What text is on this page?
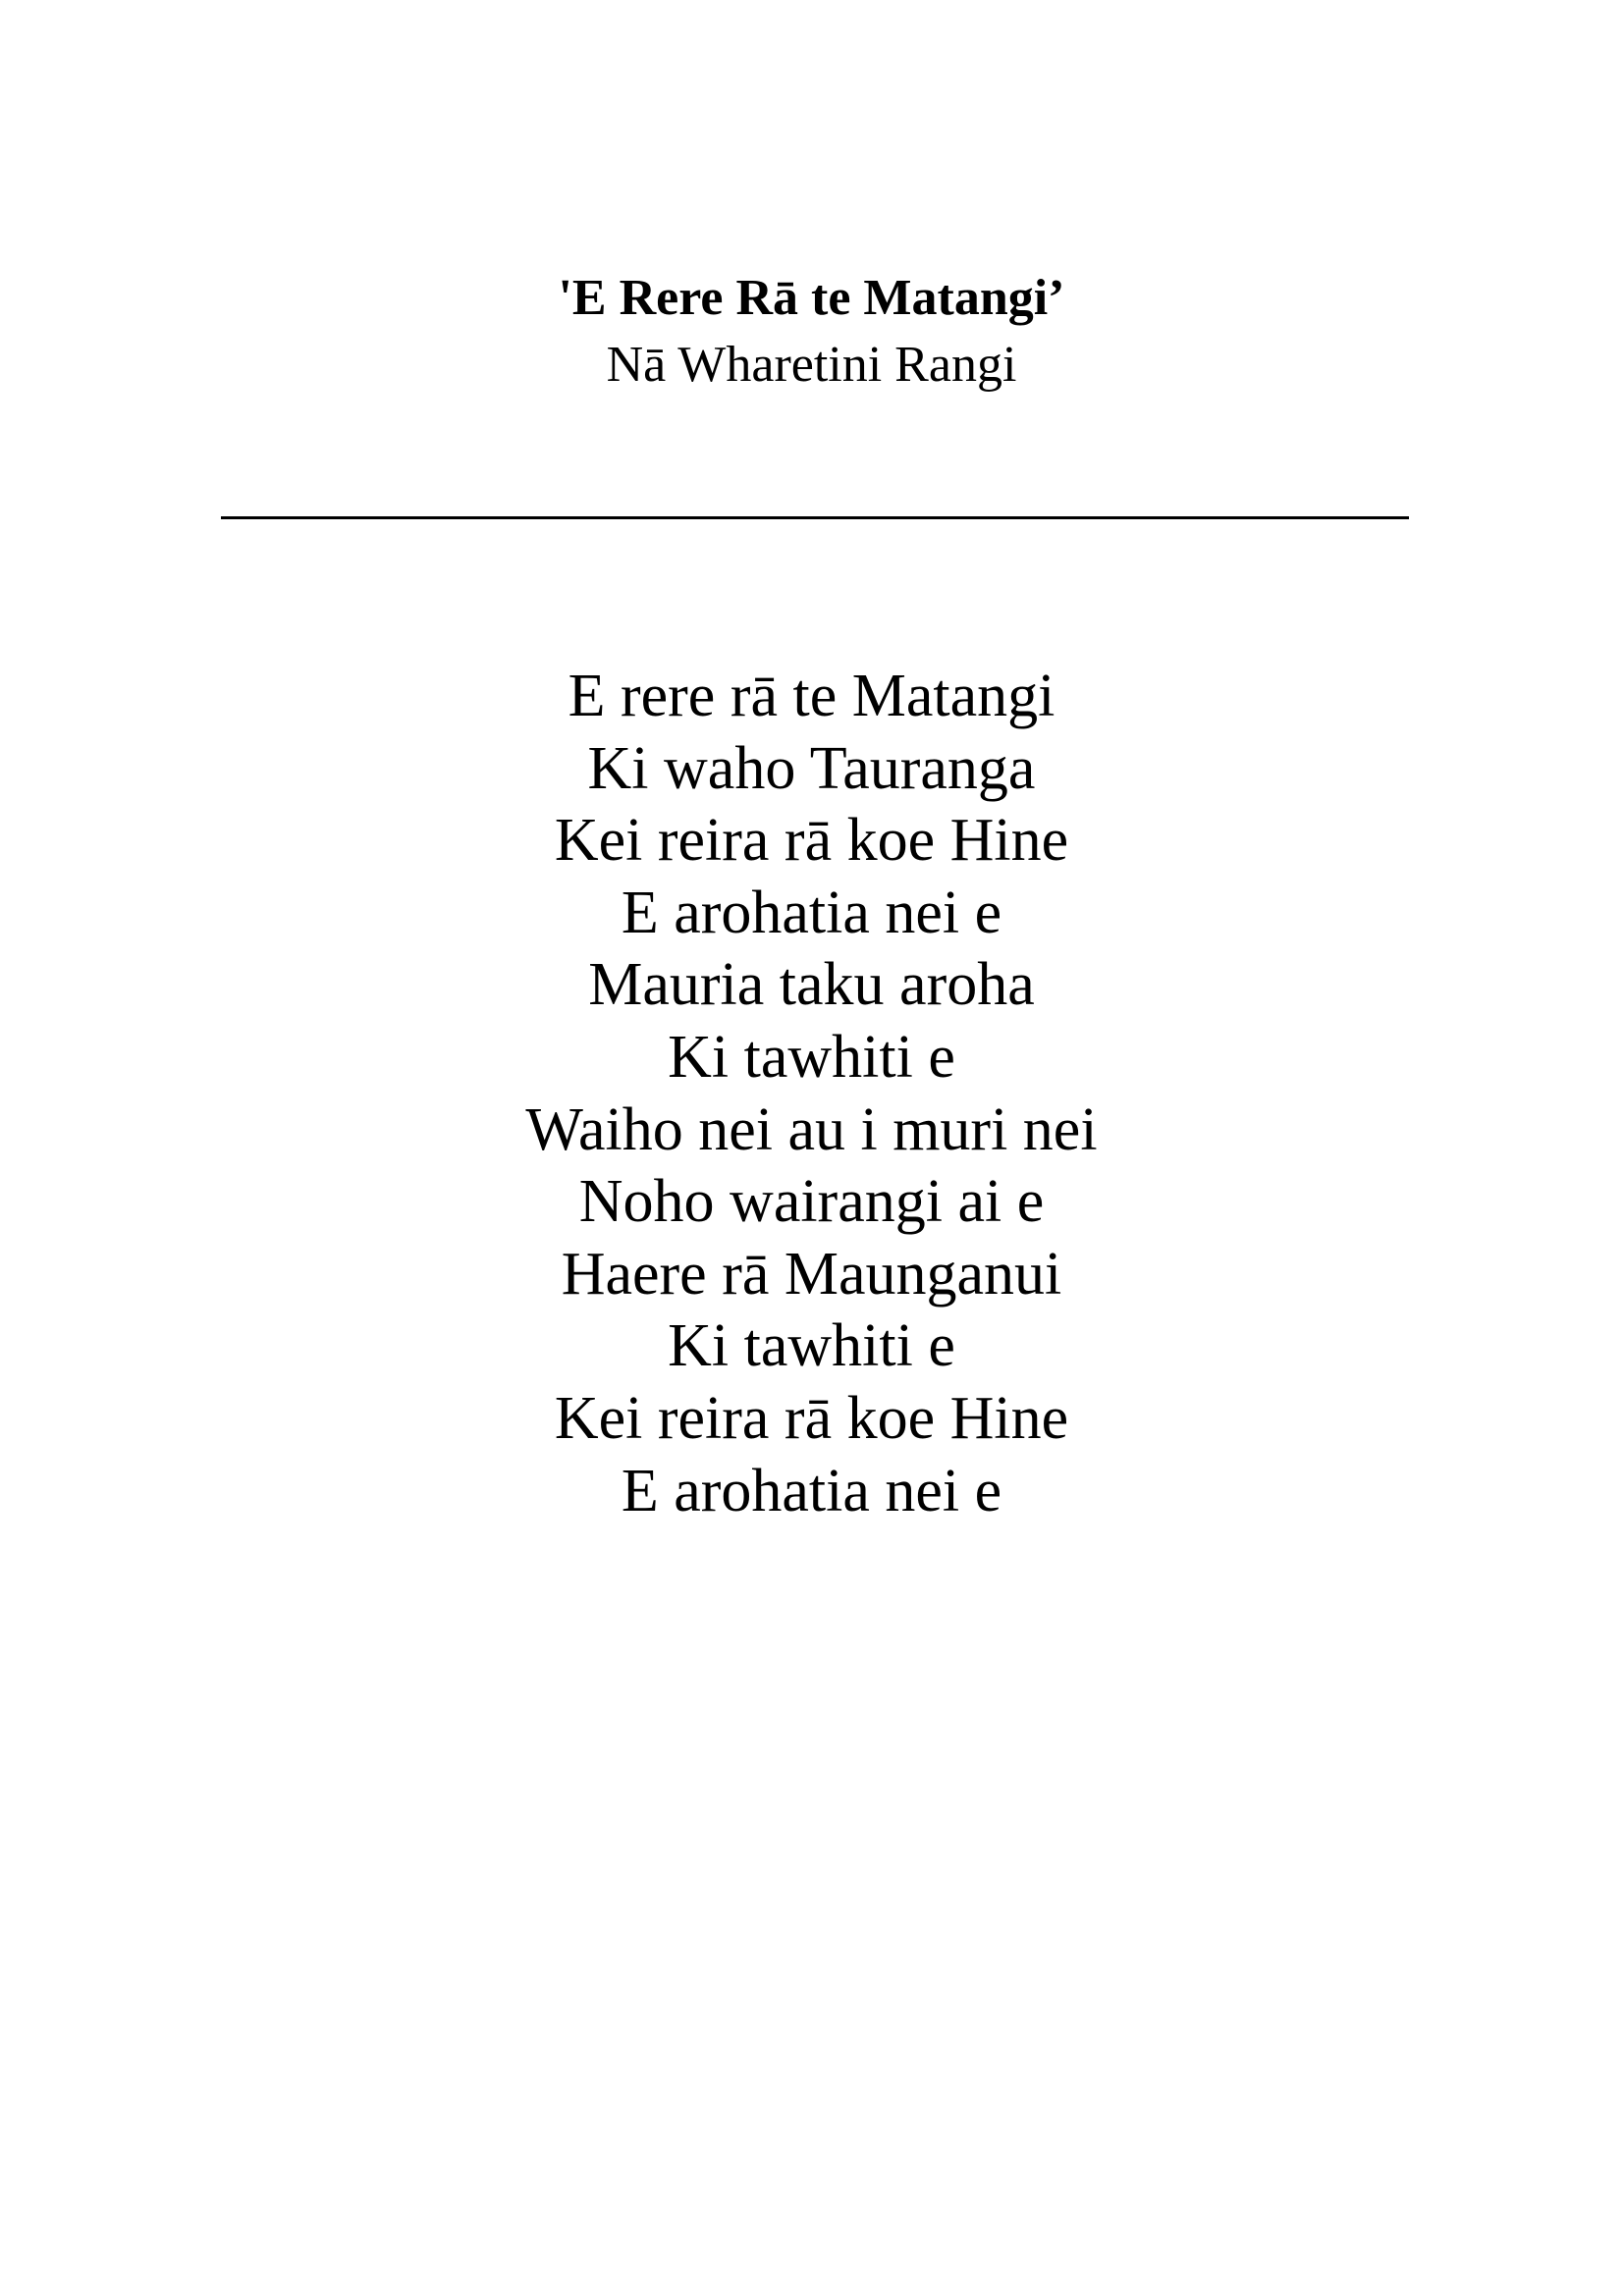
'E Rere Rā te Matangi’
Nā Wharetini Rangi
E rere rā te Matangi
Ki waho Tauranga
Kei reira rā koe Hine
E arohatia nei e
Mauria taku aroha
Ki tawhiti e
Waiho nei au i muri nei
Noho wairangi ai e
Haere rā Maunganui
Ki tawhiti e
Kei reira rā koe Hine
E arohatia nei e
